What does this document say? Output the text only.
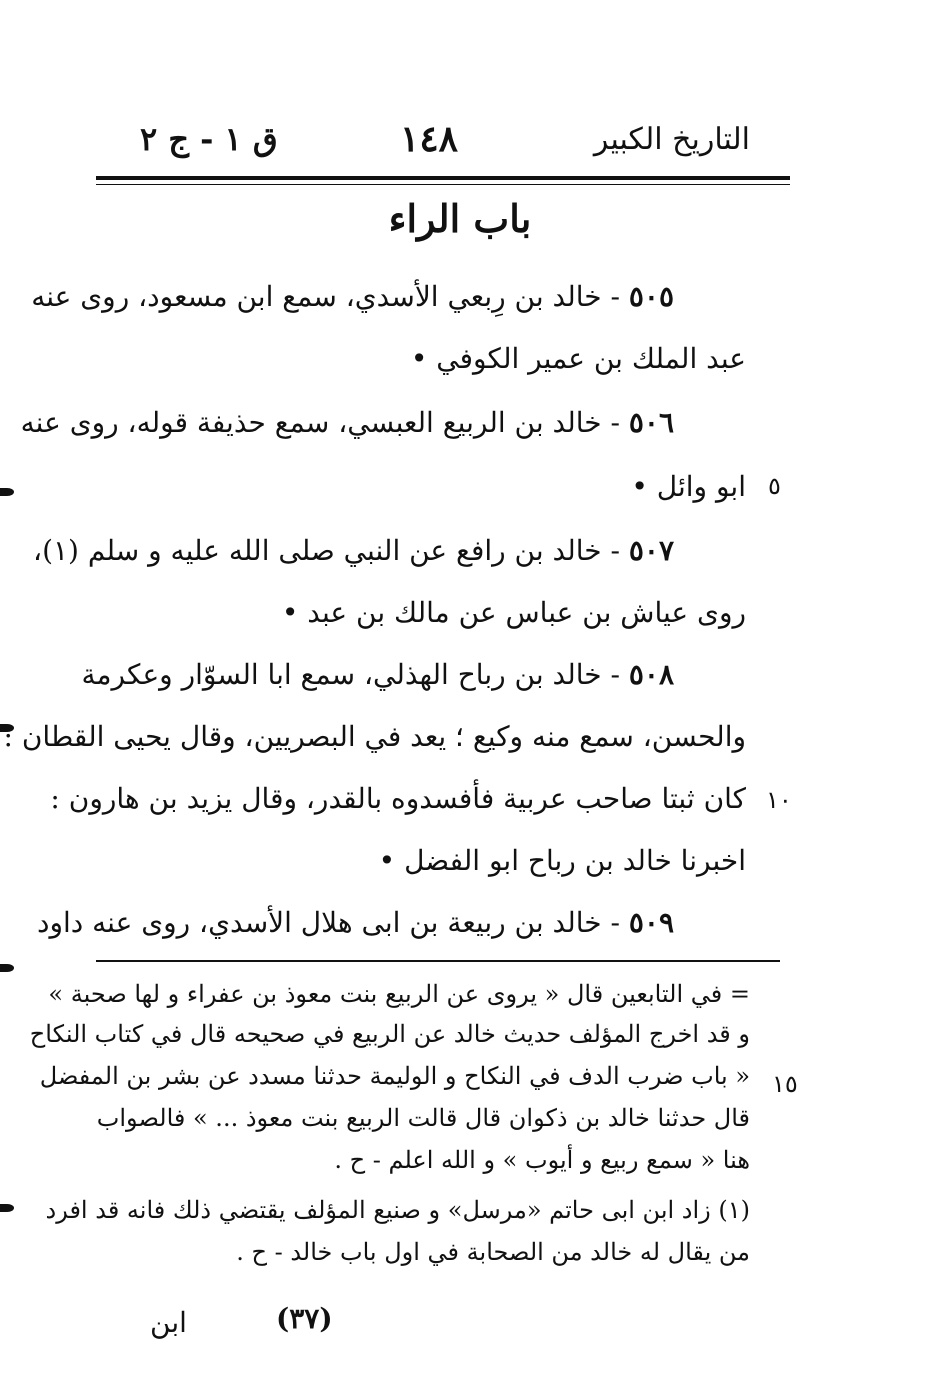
التاريخ الكبير
١٤٨
ق ١ - ج ٢
باب الراء
٥٠٥ - خالد بن رِبعي الأسدي، سمع ابن مسعود، روى عنه
عبد الملك بن عمير الكوفي •
٥٠٦ - خالد بن الربيع العبسي، سمع حذيفة قوله، روى عنه
ابو وائل •
٥٠٧ - خالد بن رافع عن النبي صلى الله عليه و سلم (١)،
روى عياش بن عباس عن مالك بن عبد •
٥٠٨ - خالد بن رباح الهذلي، سمع ابا السوّار وعكرمة
والحسن، سمع منه وكيع ؛ يعد في البصريين، وقال يحيى القطان :
كان ثبتا صاحب عربية فأفسدوه بالقدر، وقال يزيد بن هارون :
اخبرنا خالد بن رباح ابو الفضل •
٥٠٩ - خالد بن ربيعة بن ابى هلال الأسدي، روى عنه داود
٥
١٠
= في التابعين قال « يروى عن الربيع بنت معوذ بن عفراء و لها صحبة »
و قد اخرج المؤلف حديث خالد عن الربيع في صحيحه قال في كتاب النكاح
« باب ضرب الدف في النكاح و الوليمة حدثنا مسدد عن بشر بن المفضل
قال حدثنا خالد بن ذكوان قال قالت الربيع بنت معوذ ... » فالصواب
هنا « سمع ربيع و أيوب » و الله اعلم - ح .
(١) زاد ابن ابى حاتم «مرسل» و صنيع المؤلف يقتضي ذلك فانه قد افرد
من يقال له خالد من الصحابة في اول باب خالد - ح .
١٥
(٣٧)
ابن
